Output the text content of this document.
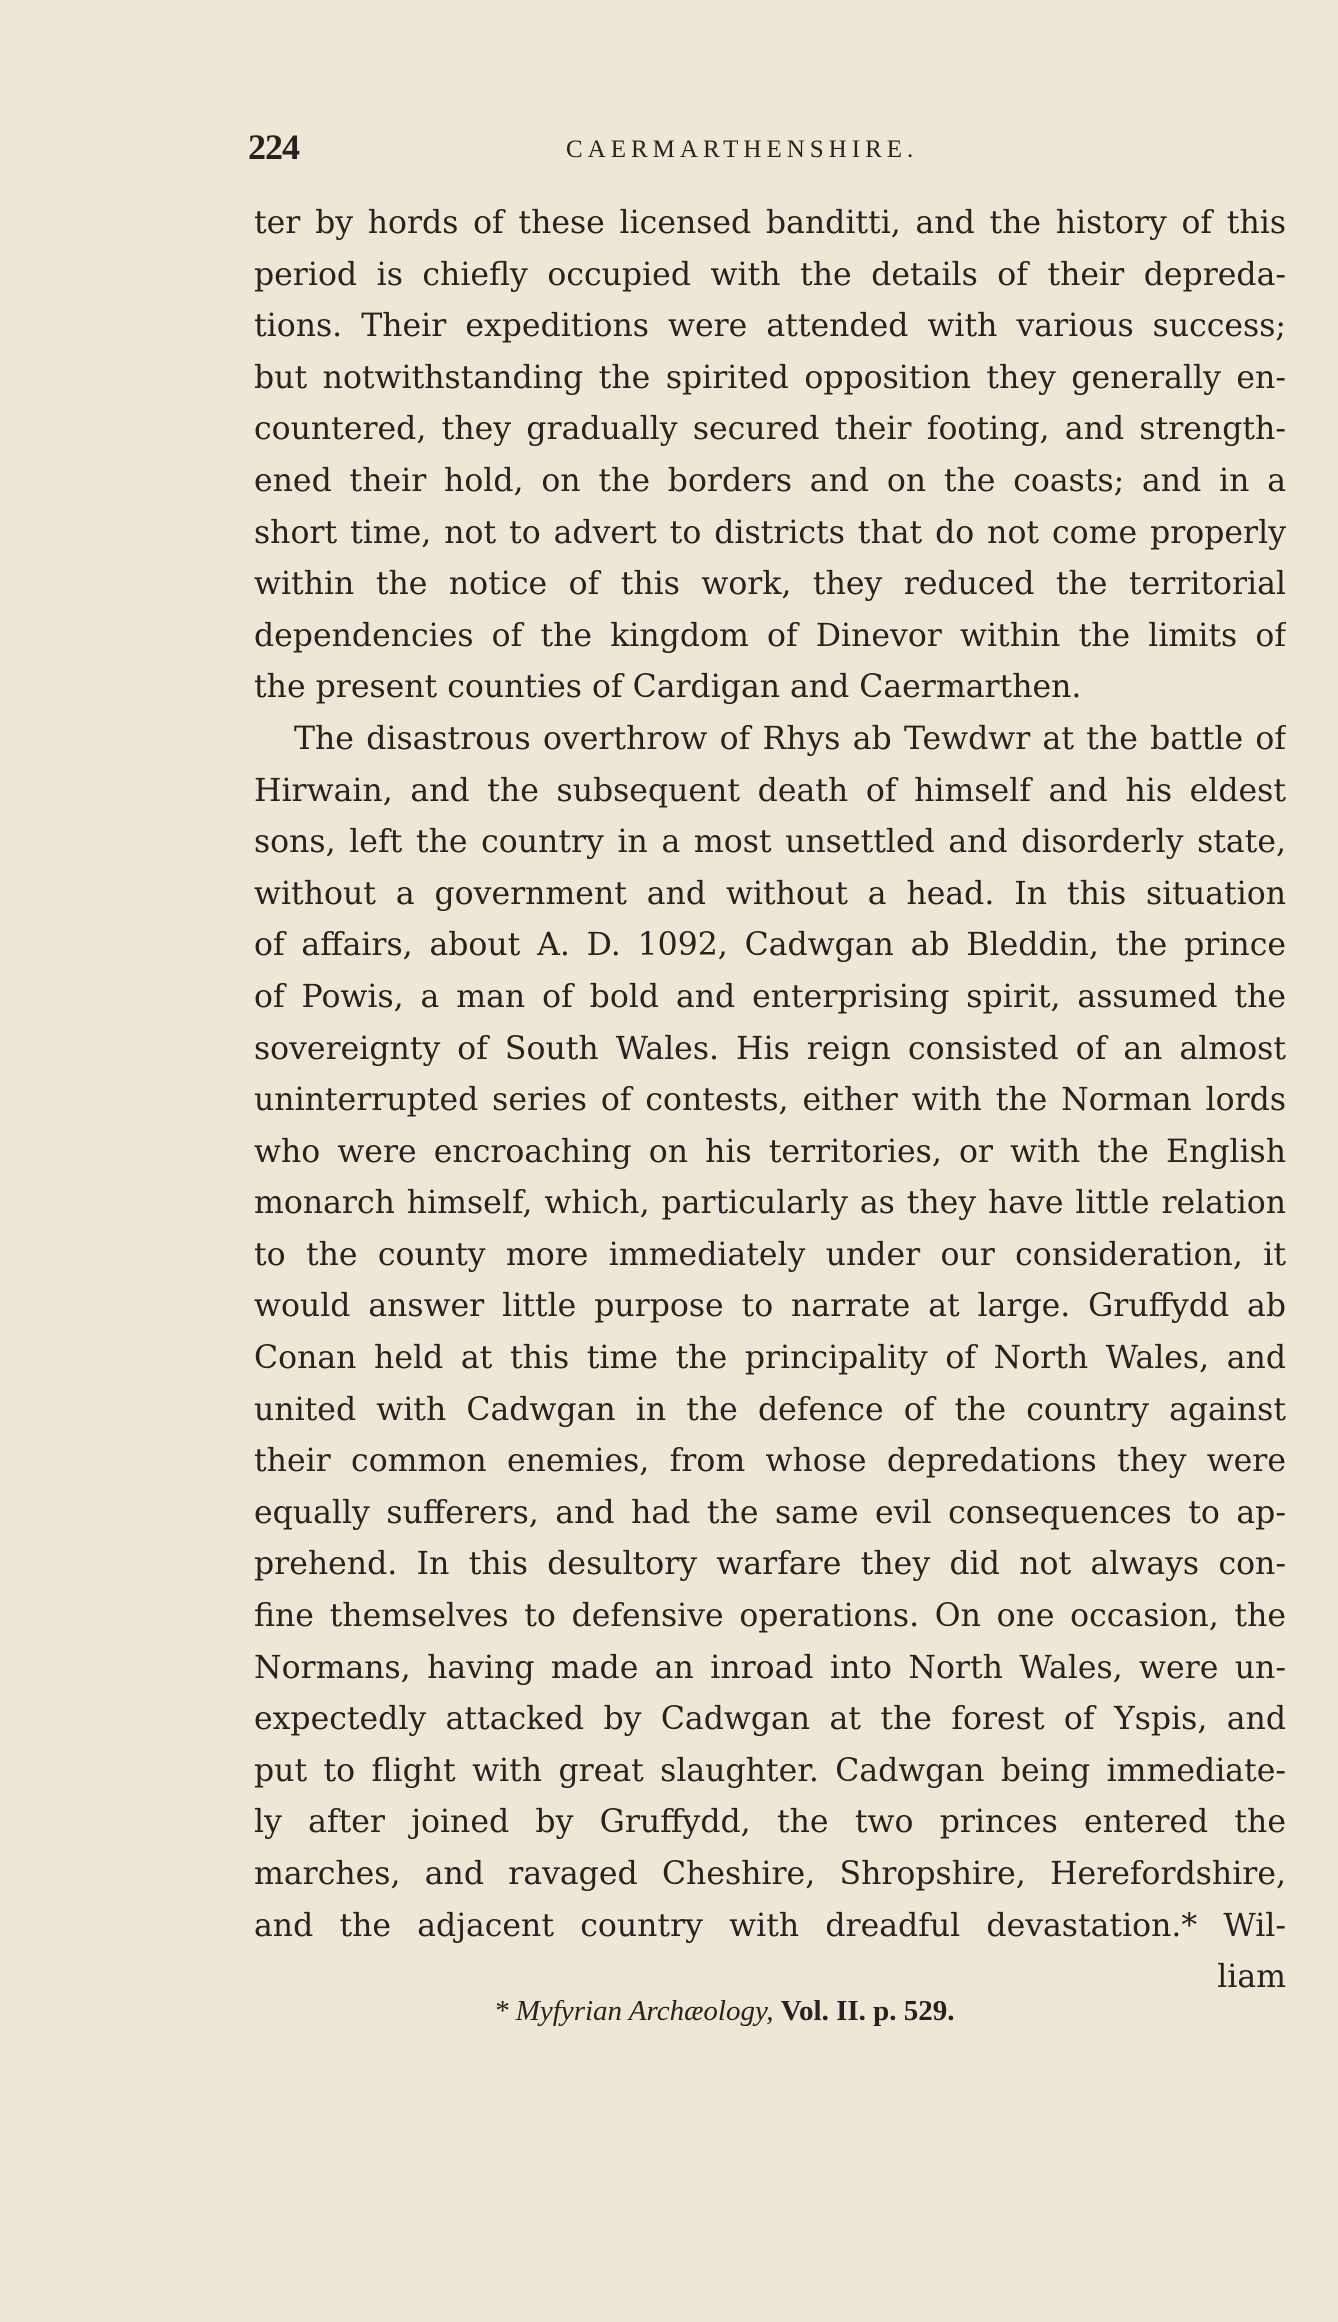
224	CAERMARTHENSHIRE.
ter by hords of these licensed banditti, and the history of this
period is chiefly occupied with the details of their depreda-
tions. Their expeditions were attended with various success;
but notwithstanding the spirited opposition they generally en-
countered, they gradually secured their footing, and strength-
ened their hold, on the borders and on the coasts; and in a
short time, not to advert to districts that do not come properly
within the notice of this work, they reduced the territorial
dependencies of the kingdom of Dinevor within the limits of
the present counties of Cardigan and Caermarthen.
The disastrous overthrow of Rhys ab Tewdwr at the battle of
Hirwain, and the subsequent death of himself and his eldest
sons, left the country in a most unsettled and disorderly state,
without a government and without a head. In this situation
of affairs, about A. D. 1092, Cadwgan ab Bleddin, the prince
of Powis, a man of bold and enterprising spirit, assumed the
sovereignty of South Wales. His reign consisted of an almost
uninterrupted series of contests, either with the Norman lords
who were encroaching on his territories, or with the English
monarch himself, which, particularly as they have little relation
to the county more immediately under our consideration, it
would answer little purpose to narrate at large. Gruffydd ab
Conan held at this time the principality of North Wales, and
united with Cadwgan in the defence of the country against
their common enemies, from whose depredations they were
equally sufferers, and had the same evil consequences to ap-
prehend. In this desultory warfare they did not always con-
fine themselves to defensive operations. On one occasion, the
Normans, having made an inroad into North Wales, were un-
expectedly attacked by Cadwgan at the forest of Yspis, and
put to flight with great slaughter. Cadwgan being immediate-
ly after joined by Gruffydd, the two princes entered the
marches, and ravaged Cheshire, Shropshire, Herefordshire,
and the adjacent country with dreadful devastation.* Wil-
liam
* Myfyrian Archæology, Vol. II. p. 529.
